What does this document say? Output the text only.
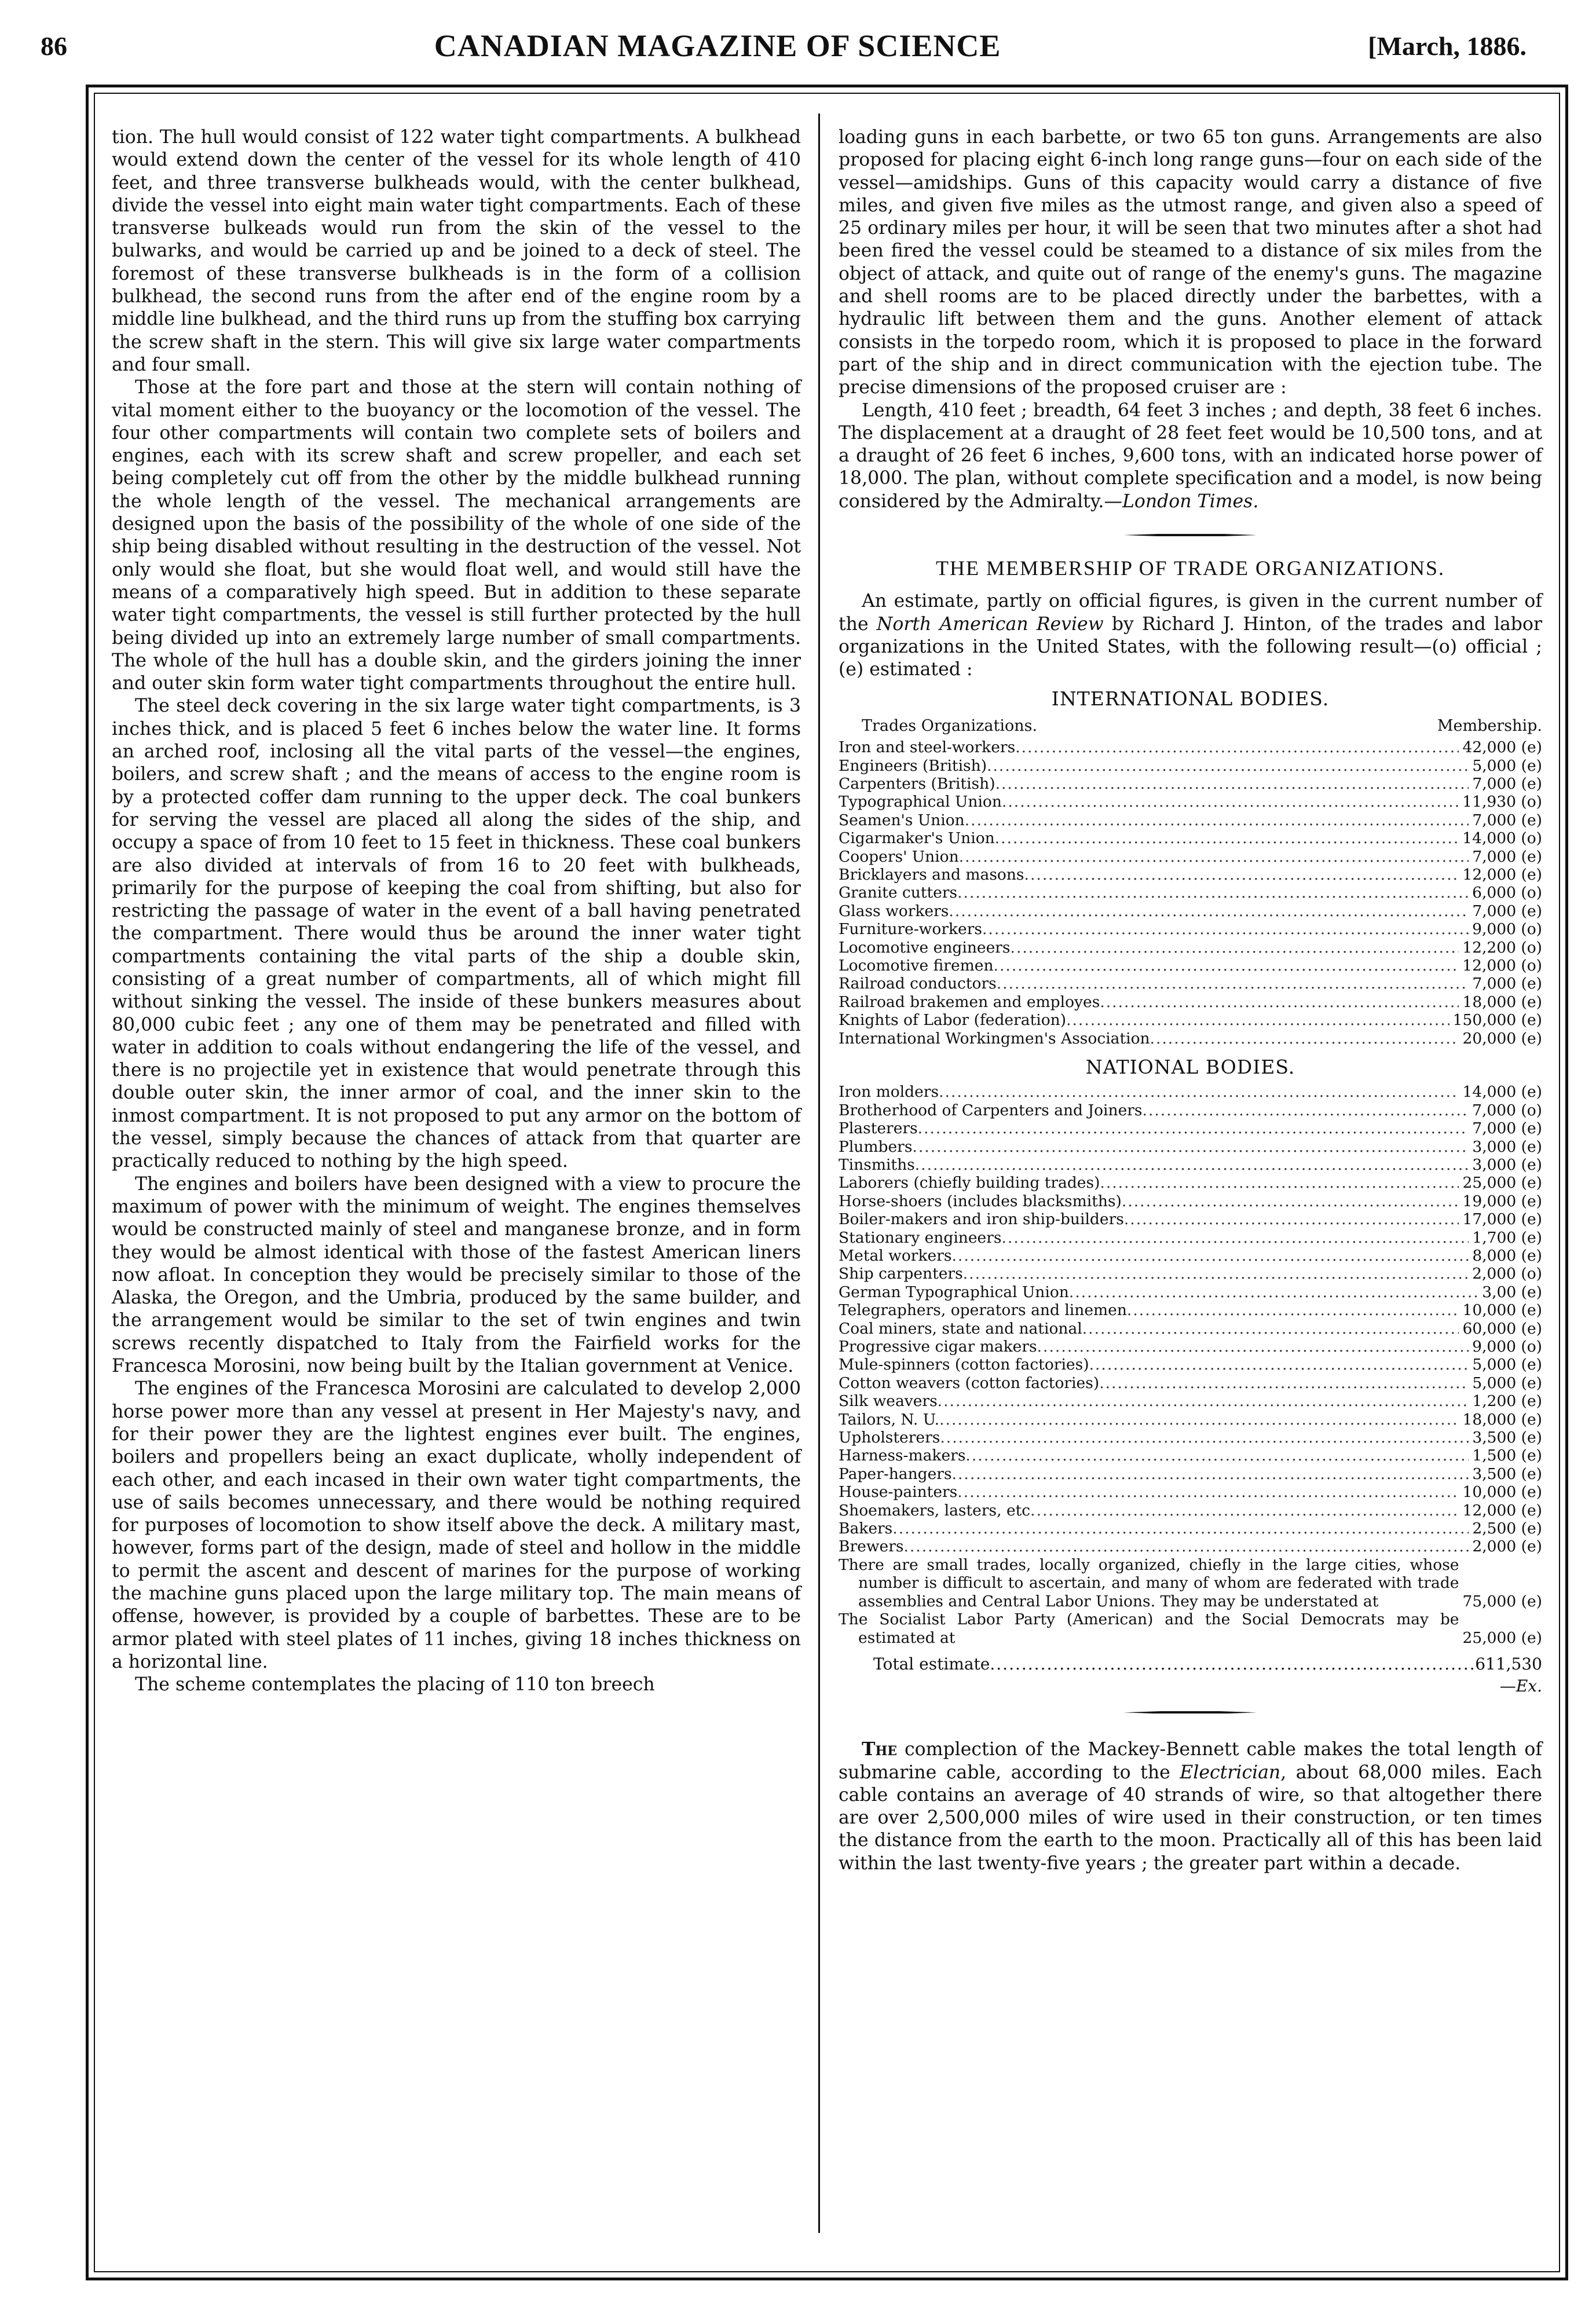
86	CANADIAN MAGAZINE OF SCIENCE	[March, 1886.

tion. The hull would consist of 122 water tight compartments. A bulkhead would extend down the center of the vessel for its whole length of 410 feet, and three transverse bulkheads would, with the center bulkhead, divide the vessel into eight main water tight compartments. Each of these transverse bulkeads would run from the skin of the vessel to the bulwarks, and would be carried up and be joined to a deck of steel. The foremost of these transverse bulkheads is in the form of a collision bulkhead, the second runs from the after end of the engine room by a middle line bulkhead, and the third runs up from the stuffing box carrying the screw shaft in the stern. This will give six large water compartments and four small.

Those at the fore part and those at the stern will contain nothing of vital moment either to the buoyancy or the locomotion of the vessel. The four other compartments will contain two complete sets of boilers and engines, each with its screw shaft and screw propeller, and each set being completely cut off from the other by the middle bulkhead running the whole length of the vessel. The mechanical arrangements are designed upon the basis of the possibility of the whole of one side of the ship being disabled without resulting in the destruction of the vessel. Not only would she float, but she would float well, and would still have the means of a comparatively high speed. But in addition to these separate water tight compartments, the vessel is still further protected by the hull being divided up into an extremely large number of small compartments. The whole of the hull has a double skin, and the girders joining the inner and outer skin form water tight compartments throughout the entire hull.

The steel deck covering in the six large water tight compartments, is 3 inches thick, and is placed 5 feet 6 inches below the water line. It forms an arched roof, inclosing all the vital parts of the vessel—the engines, boilers, and screw shaft ; and the means of access to the engine room is by a protected coffer dam running to the upper deck. The coal bunkers for serving the vessel are placed all along the sides of the ship, and occupy a space of from 10 feet to 15 feet in thickness. These coal bunkers are also divided at intervals of from 16 to 20 feet with bulkheads, primarily for the purpose of keeping the coal from shifting, but also for restricting the passage of water in the event of a ball having penetrated the compartment. There would thus be around the inner water tight compartments containing the vital parts of the ship a double skin, consisting of a great number of compartments, all of which might fill without sinking the vessel. The inside of these bunkers measures about 80,000 cubic feet ; any one of them may be penetrated and filled with water in addition to coals without endangering the life of the vessel, and there is no projectile yet in existence that would penetrate through this double outer skin, the inner armor of coal, and the inner skin to the inmost compartment. It is not proposed to put any armor on the bottom of the vessel, simply because the chances of attack from that quarter are practically reduced to nothing by the high speed.

The engines and boilers have been designed with a view to procure the maximum of power with the minimum of weight. The engines themselves would be constructed mainly of steel and manganese bronze, and in form they would be almost identical with those of the fastest American liners now afloat. In conception they would be precisely similar to those of the Alaska, the Oregon, and the Umbria, produced by the same builder, and the arrangement would be similar to the set of twin engines and twin screws recently dispatched to Italy from the Fairfield works for the Francesca Morosini, now being built by the Italian government at Venice.

The engines of the Francesca Morosini are calculated to develop 2,000 horse power more than any vessel at present in Her Majesty's navy, and for their power they are the lightest engines ever built. The engines, boilers and propellers being an exact duplicate, wholly independent of each other, and each incased in their own water tight compartments, the use of sails becomes unnecessary, and there would be nothing required for purposes of locomotion to show itself above the deck. A military mast, however, forms part of the design, made of steel and hollow in the middle to permit the ascent and descent of marines for the purpose of working the machine guns placed upon the large military top. The main means of offense, however, is provided by a couple of barbettes. These are to be armor plated with steel plates of 11 inches, giving 18 inches thickness on a horizontal line.

The scheme contemplates the placing of 110 ton breech

loading guns in each barbette, or two 65 ton guns. Arrangements are also proposed for placing eight 6-inch long range guns—four on each side of the vessel—amidships. Guns of this capacity would carry a distance of five miles, and given five miles as the utmost range, and given also a speed of 25 ordinary miles per hour, it will be seen that two minutes after a shot had been fired the vessel could be steamed to a distance of six miles from the object of attack, and quite out of range of the enemy's guns. The magazine and shell rooms are to be placed directly under the barbettes, with a hydraulic lift between them and the guns. Another element of attack consists in the torpedo room, which it is proposed to place in the forward part of the ship and in direct communication with the ejection tube. The precise dimensions of the proposed cruiser are :

Length, 410 feet ; breadth, 64 feet 3 inches ; and depth, 38 feet 6 inches. The displacement at a draught of 28 feet feet would be 10,500 tons, and at a draught of 26 feet 6 inches, 9,600 tons, with an indicated horse power of 18,000. The plan, without complete specification and a model, is now being considered by the Admiralty.—London Times.

THE MEMBERSHIP OF TRADE ORGANIZATIONS.

An estimate, partly on official figures, is given in the current number of the North American Review by Richard J. Hinton, of the trades and labor organizations in the United States, with the following result—(o) official ; (e) estimated :

INTERNATIONAL BODIES.
Trades Organizations.	Membership.
Iron and steel-workers .....	42,000 (e)
Engineers (British) .....	5,000 (e)
Carpenters (British) .....	7,000 (e)
Typographical Union .....	11,930 (o)
Seamen's Union .....	7,000 (e)
Cigarmaker's Union .....	14,000 (o)
Coopers' Union .....	7,000 (e)
Bricklayers and masons .....	12,000 (e)
Granite cutters .....	6,000 (o)
Glass workers .....	7,000 (e)
Furniture-workers .....	9,000 (o)
Locomotive engineers .....	12,200 (o)
Locomotive firemen .....	12,000 (o)
Railroad conductors .....	7,000 (e)
Railroad brakemen and employes .....	18,000 (e)
Knights of Labor (federation) .....	150,000 (e)
International Workingmen's Association .....	20,000 (e)
NATIONAL BODIES.
Iron molders .....	14,000 (e)
Brotherhood of Carpenters and Joiners .....	7,000 (o)
Plasterers .....	7,000 (e)
Plumbers .....	3,000 (e)
Tinsmiths .....	3,000 (e)
Laborers (chiefly building trades) .....	25,000 (e)
Horse-shoers (includes blacksmiths) .....	19,000 (e)
Boiler-makers and iron ship-builders .....	17,000 (e)
Stationary engineers .....	1,700 (e)
Metal workers .....	8,000 (e)
Ship carpenters .....	2,000 (o)
German Typographical Union .....	3,00 (e)
Telegraphers, operators and linemen .....	10,000 (e)
Coal miners, state and national .....	60,000 (e)
Progressive cigar makers .....	9,000 (o)
Mule-spinners (cotton factories) .....	5,000 (e)
Cotton weavers (cotton factories) .....	5,000 (e)
Silk weavers .....	1,200 (e)
Tailors, N. U. .....	18,000 (e)
Upholsterers .....	3,500 (e)
Harness-makers .....	1,500 (e)
Paper-hangers .....	3,500 (e)
House-painters .....	10,000 (e)
Shoemakers, lasters, etc .....	12,000 (e)
Bakers .....	2,500 (e)
Brewers .....	2,000 (e)
There are small trades, locally organized, chiefly in the large cities, whose number is difficult to ascertain, and many of whom are federated with trade assemblies and Central Labor Unions. They may be understated at	75,000 (e)
The Socialist Labor Party (American) and the Social Democrats may be estimated at	25,000 (e)
Total estimate .....	611,530
—Ex.

The complection of the Mackey-Bennett cable makes the total length of submarine cable, according to the Electrician, about 68,000 miles. Each cable contains an average of 40 strands of wire, so that altogether there are over 2,500,000 miles of wire used in their construction, or ten times the distance from the earth to the moon. Practically all of this has been laid within the last twenty-five years ; the greater part within a decade.
